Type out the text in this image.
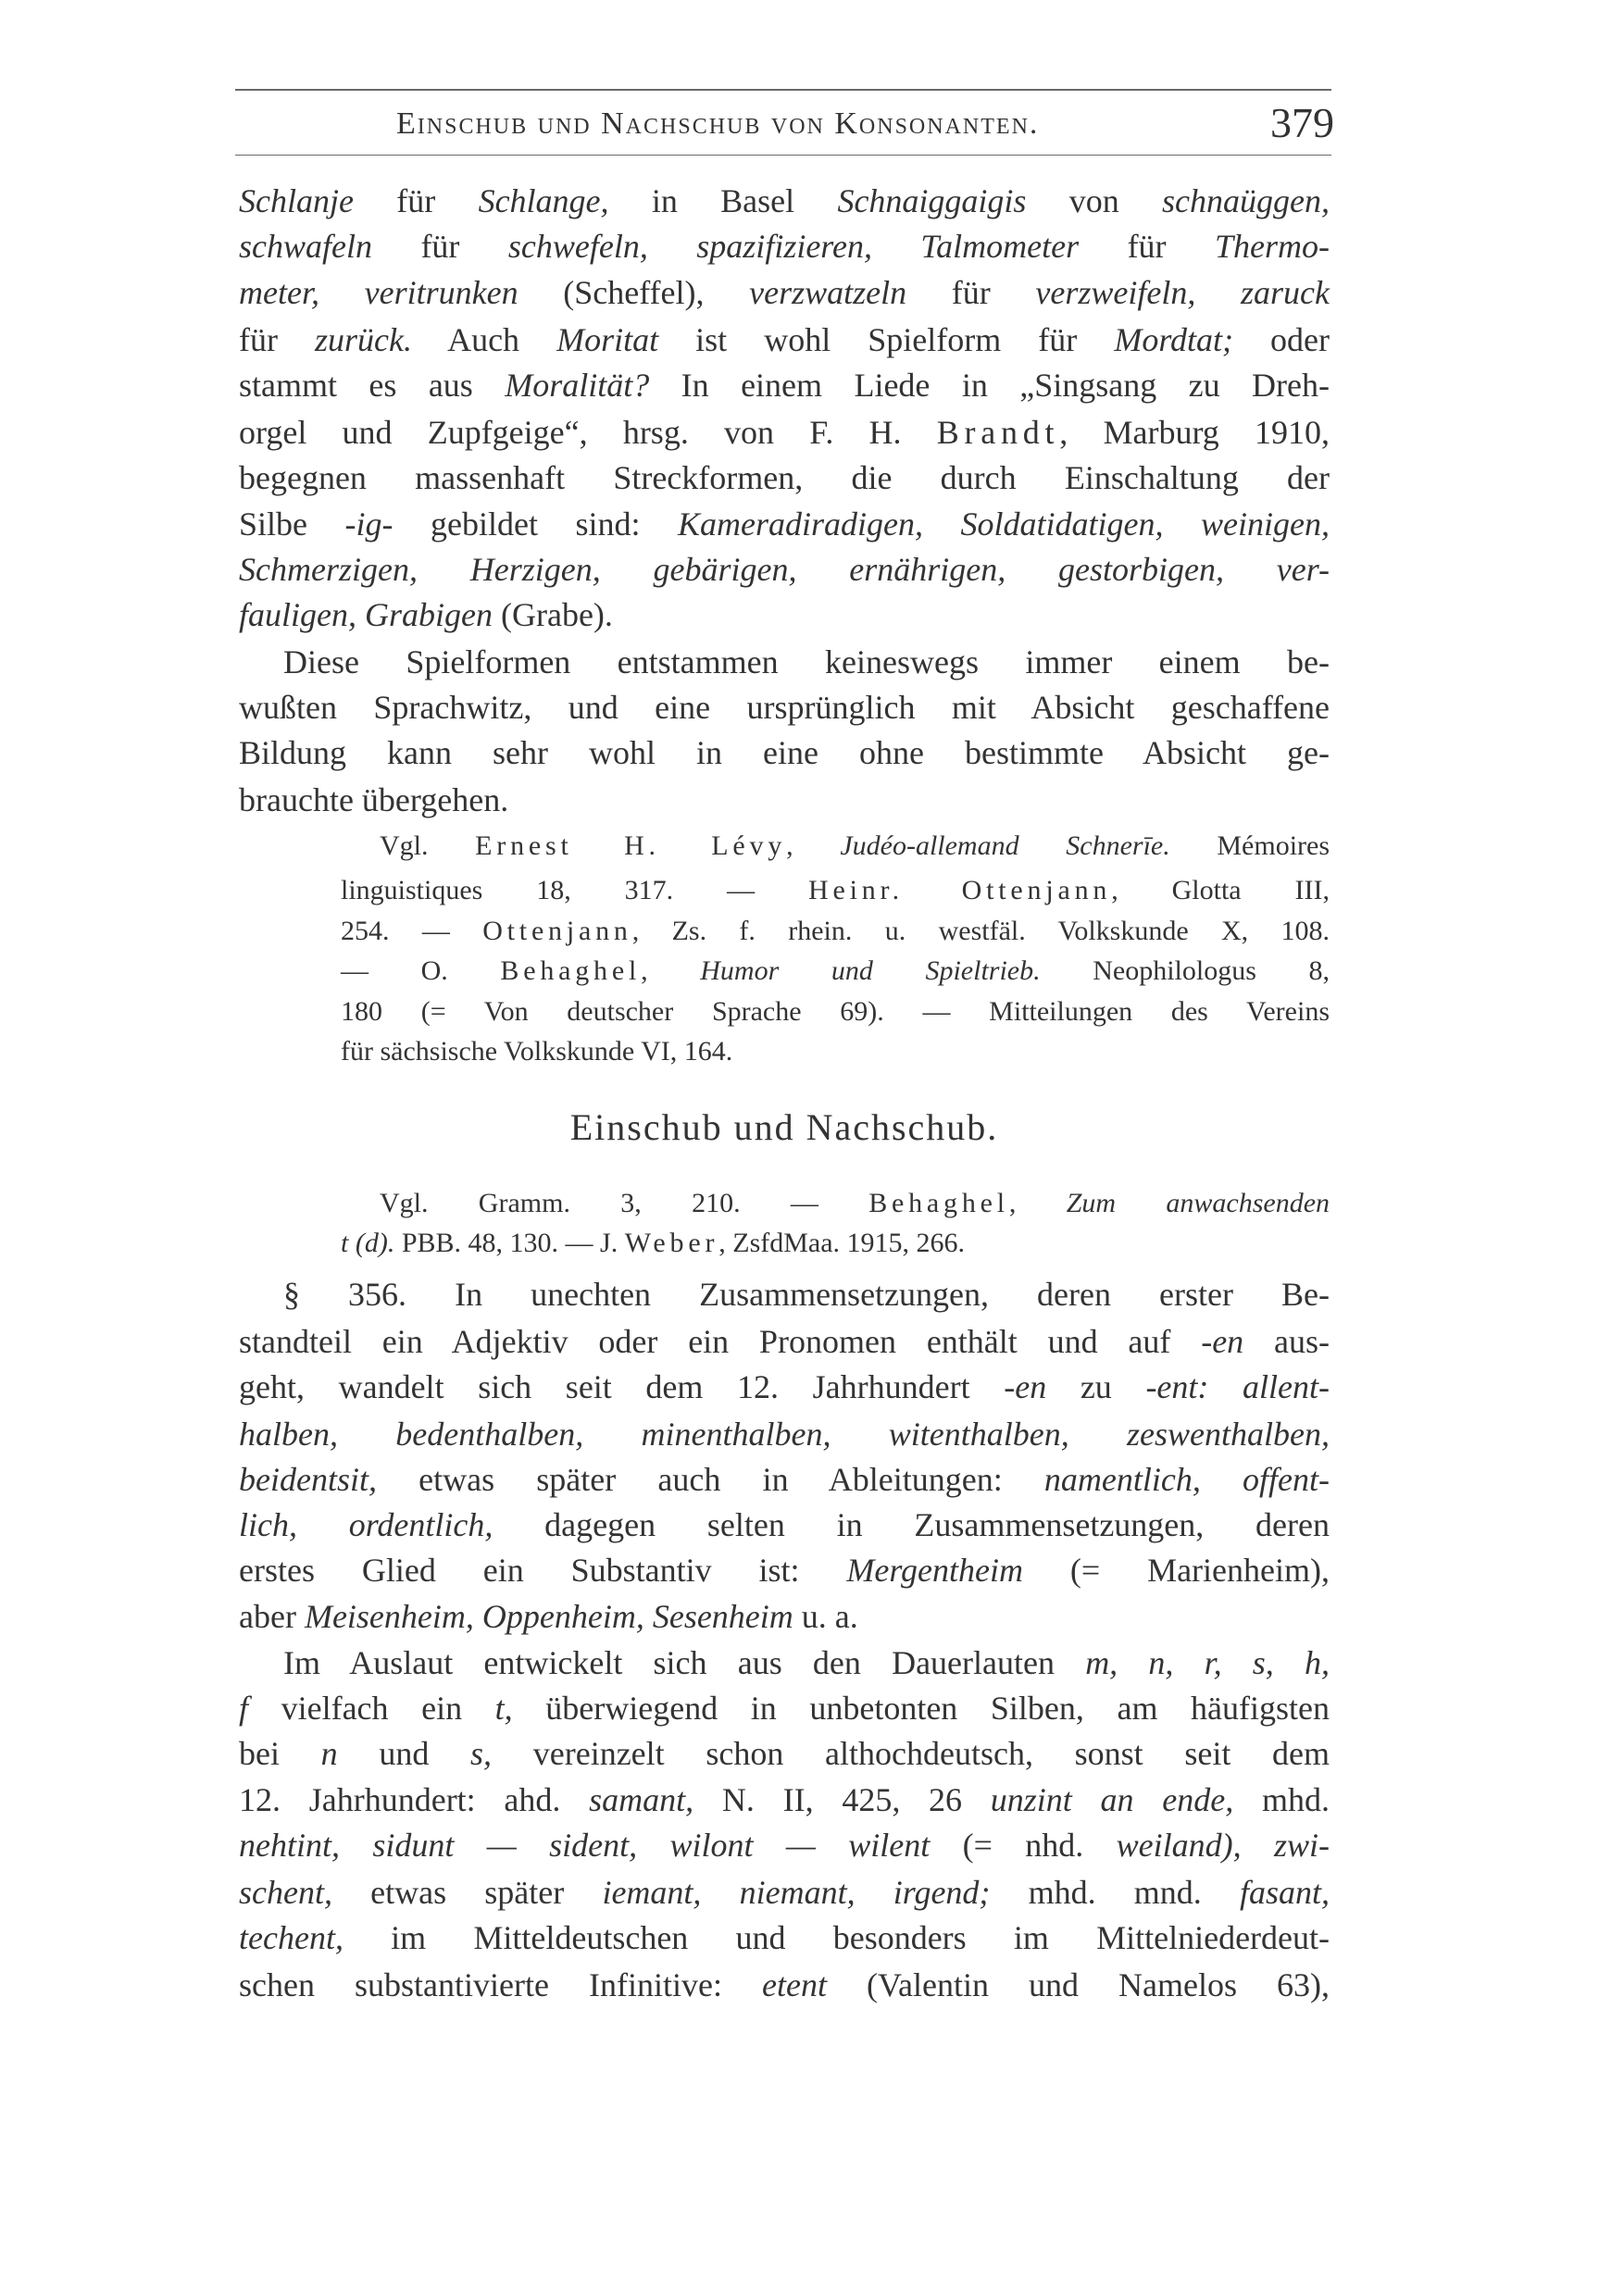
Einschub und Nachschub von Konsonanten.	379
Schlanje für Schlange, in Basel Schnaiggaigis von schnaüggen,
schwafeln für schwefeln, spazifizieren, Talmometer für Thermo-
meter, veritrunken (Scheffel), verzwatzeln für verzweifeln, zaruck
für zurück. Auch Moritat ist wohl Spielform für Mordtat; oder
stammt es aus Moralität? In einem Liede in „Singsang zu Dreh-
orgel und Zupfgeige“, hrsg. von F. H. Brandt, Marburg 1910,
begegnen massenhaft Streckformen, die durch Einschaltung der
Silbe -ig- gebildet sind: Kameradiradigen, Soldatidatigen, weinigen,
Schmerzigen, Herzigen, gebärigen, ernährigen, gestorbigen, ver-
fauligen, Grabigen (Grabe).
Diese Spielformen entstammen keineswegs immer einem be-
wußten Sprachwitz, und eine ursprünglich mit Absicht geschaffene
Bildung kann sehr wohl in eine ohne bestimmte Absicht ge-
brauchte übergehen.
Vgl. Ernest H. Lévy, Judéo-allemand Schnerīe. Mémoires
linguistiques 18, 317. — Heinr. Ottenjann, Glotta III,
254. — Ottenjann, Zs. f. rhein. u. westfäl. Volkskunde X, 108.
— O. Behaghel, Humor und Spieltrieb. Neophilologus 8,
180 (= Von deutscher Sprache 69). — Mitteilungen des Vereins
für sächsische Volkskunde VI, 164.
Einschub und Nachschub.
Vgl. Gramm. 3, 210. — Behaghel, Zum anwachsenden
t (d). PBB. 48, 130. — J. Weber, ZsfdMaa. 1915, 266.
§ 356. In unechten Zusammensetzungen, deren erster Be-
standteil ein Adjektiv oder ein Pronomen enthält und auf -en aus-
geht, wandelt sich seit dem 12. Jahrhundert -en zu -ent: allent-
halben, bedenthalben, minenthalben, witenthalben, zeswenthalben,
beidentsit, etwas später auch in Ableitungen: namentlich, offent-
lich, ordentlich, dagegen selten in Zusammensetzungen, deren
erstes Glied ein Substantiv ist: Mergentheim (= Marienheim),
aber Meisenheim, Oppenheim, Sesenheim u. a.
Im Auslaut entwickelt sich aus den Dauerlauten m, n, r, s, h,
f vielfach ein t, überwiegend in unbetonten Silben, am häufigsten
bei n und s, vereinzelt schon althochdeutsch, sonst seit dem
12. Jahrhundert: ahd. samant, N. II, 425, 26 unzint an ende, mhd.
nehtint, sidunt — sident, wilont — wilent (= nhd. weiland), zwi-
schent, etwas später iemant, niemant, irgend; mhd. mnd. fasant,
techent, im Mitteldeutschen und besonders im Mittelniederdeut-
schen substantivierte Infinitive: etent (Valentin und Namelos 63),
